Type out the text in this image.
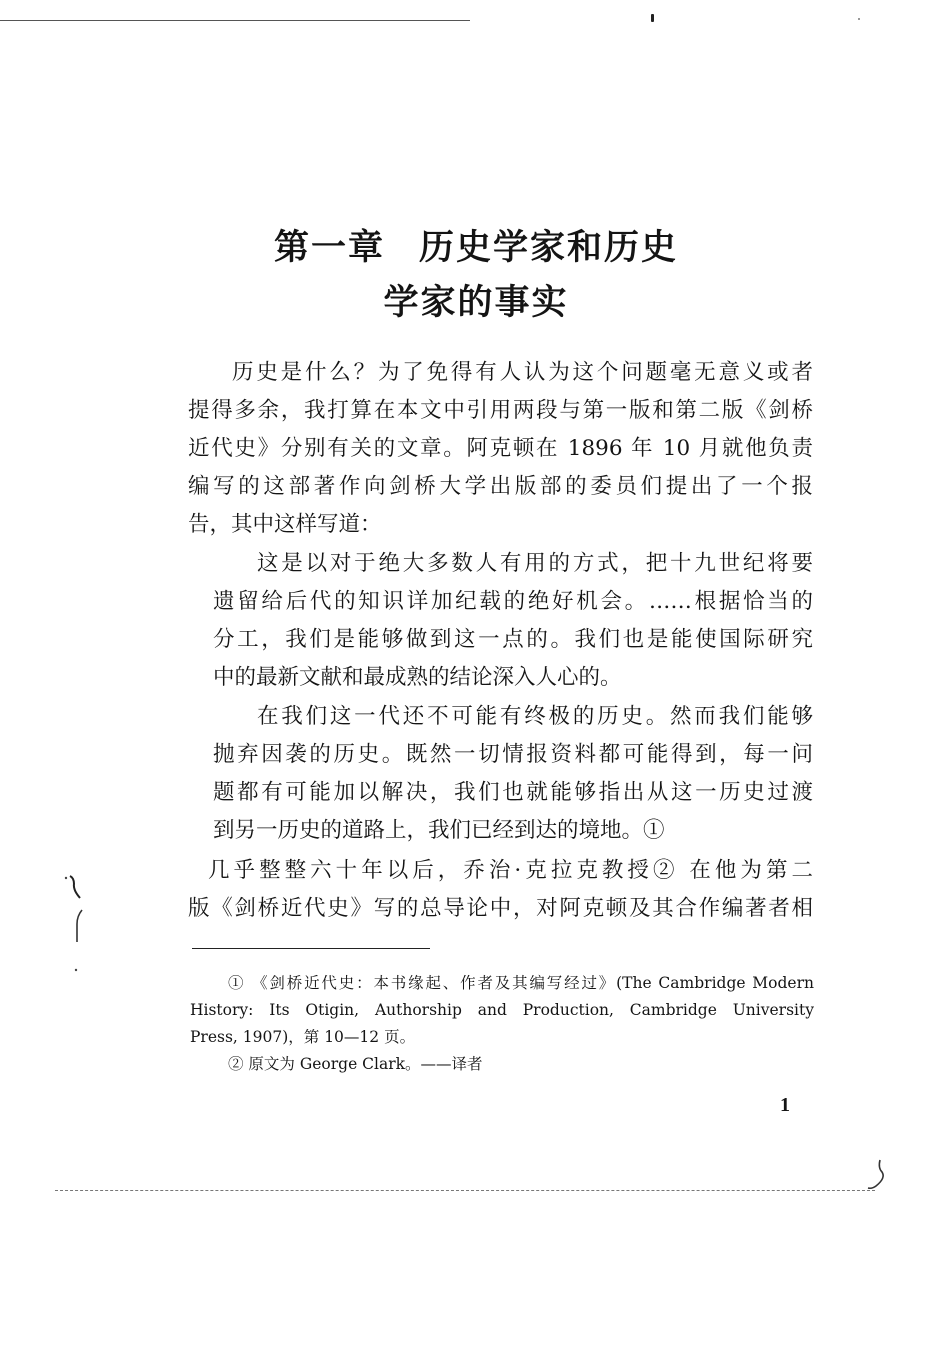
第一章 历史学家和历史
学家的事实
历史是什么？为了免得有人认为这个问题毫无意义或者
提得多余，我打算在本文中引用两段与第一版和第二版《剑桥
近代史》分别有关的文章。阿克顿在 1896 年 10 月就他负责
编写的这部著作向剑桥大学出版部的委员们提出了一个报
告，其中这样写道：
这是以对于绝大多数人有用的方式，把十九世纪将要
遗留给后代的知识详加纪载的绝好机会。……根据恰当的
分工，我们是能够做到这一点的。我们也是能使国际研究
中的最新文献和最成熟的结论深入人心的。
在我们这一代还不可能有终极的历史。然而我们能够
抛弃因袭的历史。既然一切情报资料都可能得到，每一问
题都有可能加以解决，我们也就能够指出从这一历史过渡
到另一历史的道路上，我们已经到达的境地。①
几乎整整六十年以后，乔治·克拉克教授② 在他为第二
版《剑桥近代史》写的总导论中，对阿克顿及其合作编著者相
① 《剑桥近代史：本书缘起、作者及其编写经过》(The Cambridge Modern
History: Its Otigin, Authorship and Production, Cambridge University
Press, 1907)，第 10—12 页。
② 原文为 George Clark。——译者
1
